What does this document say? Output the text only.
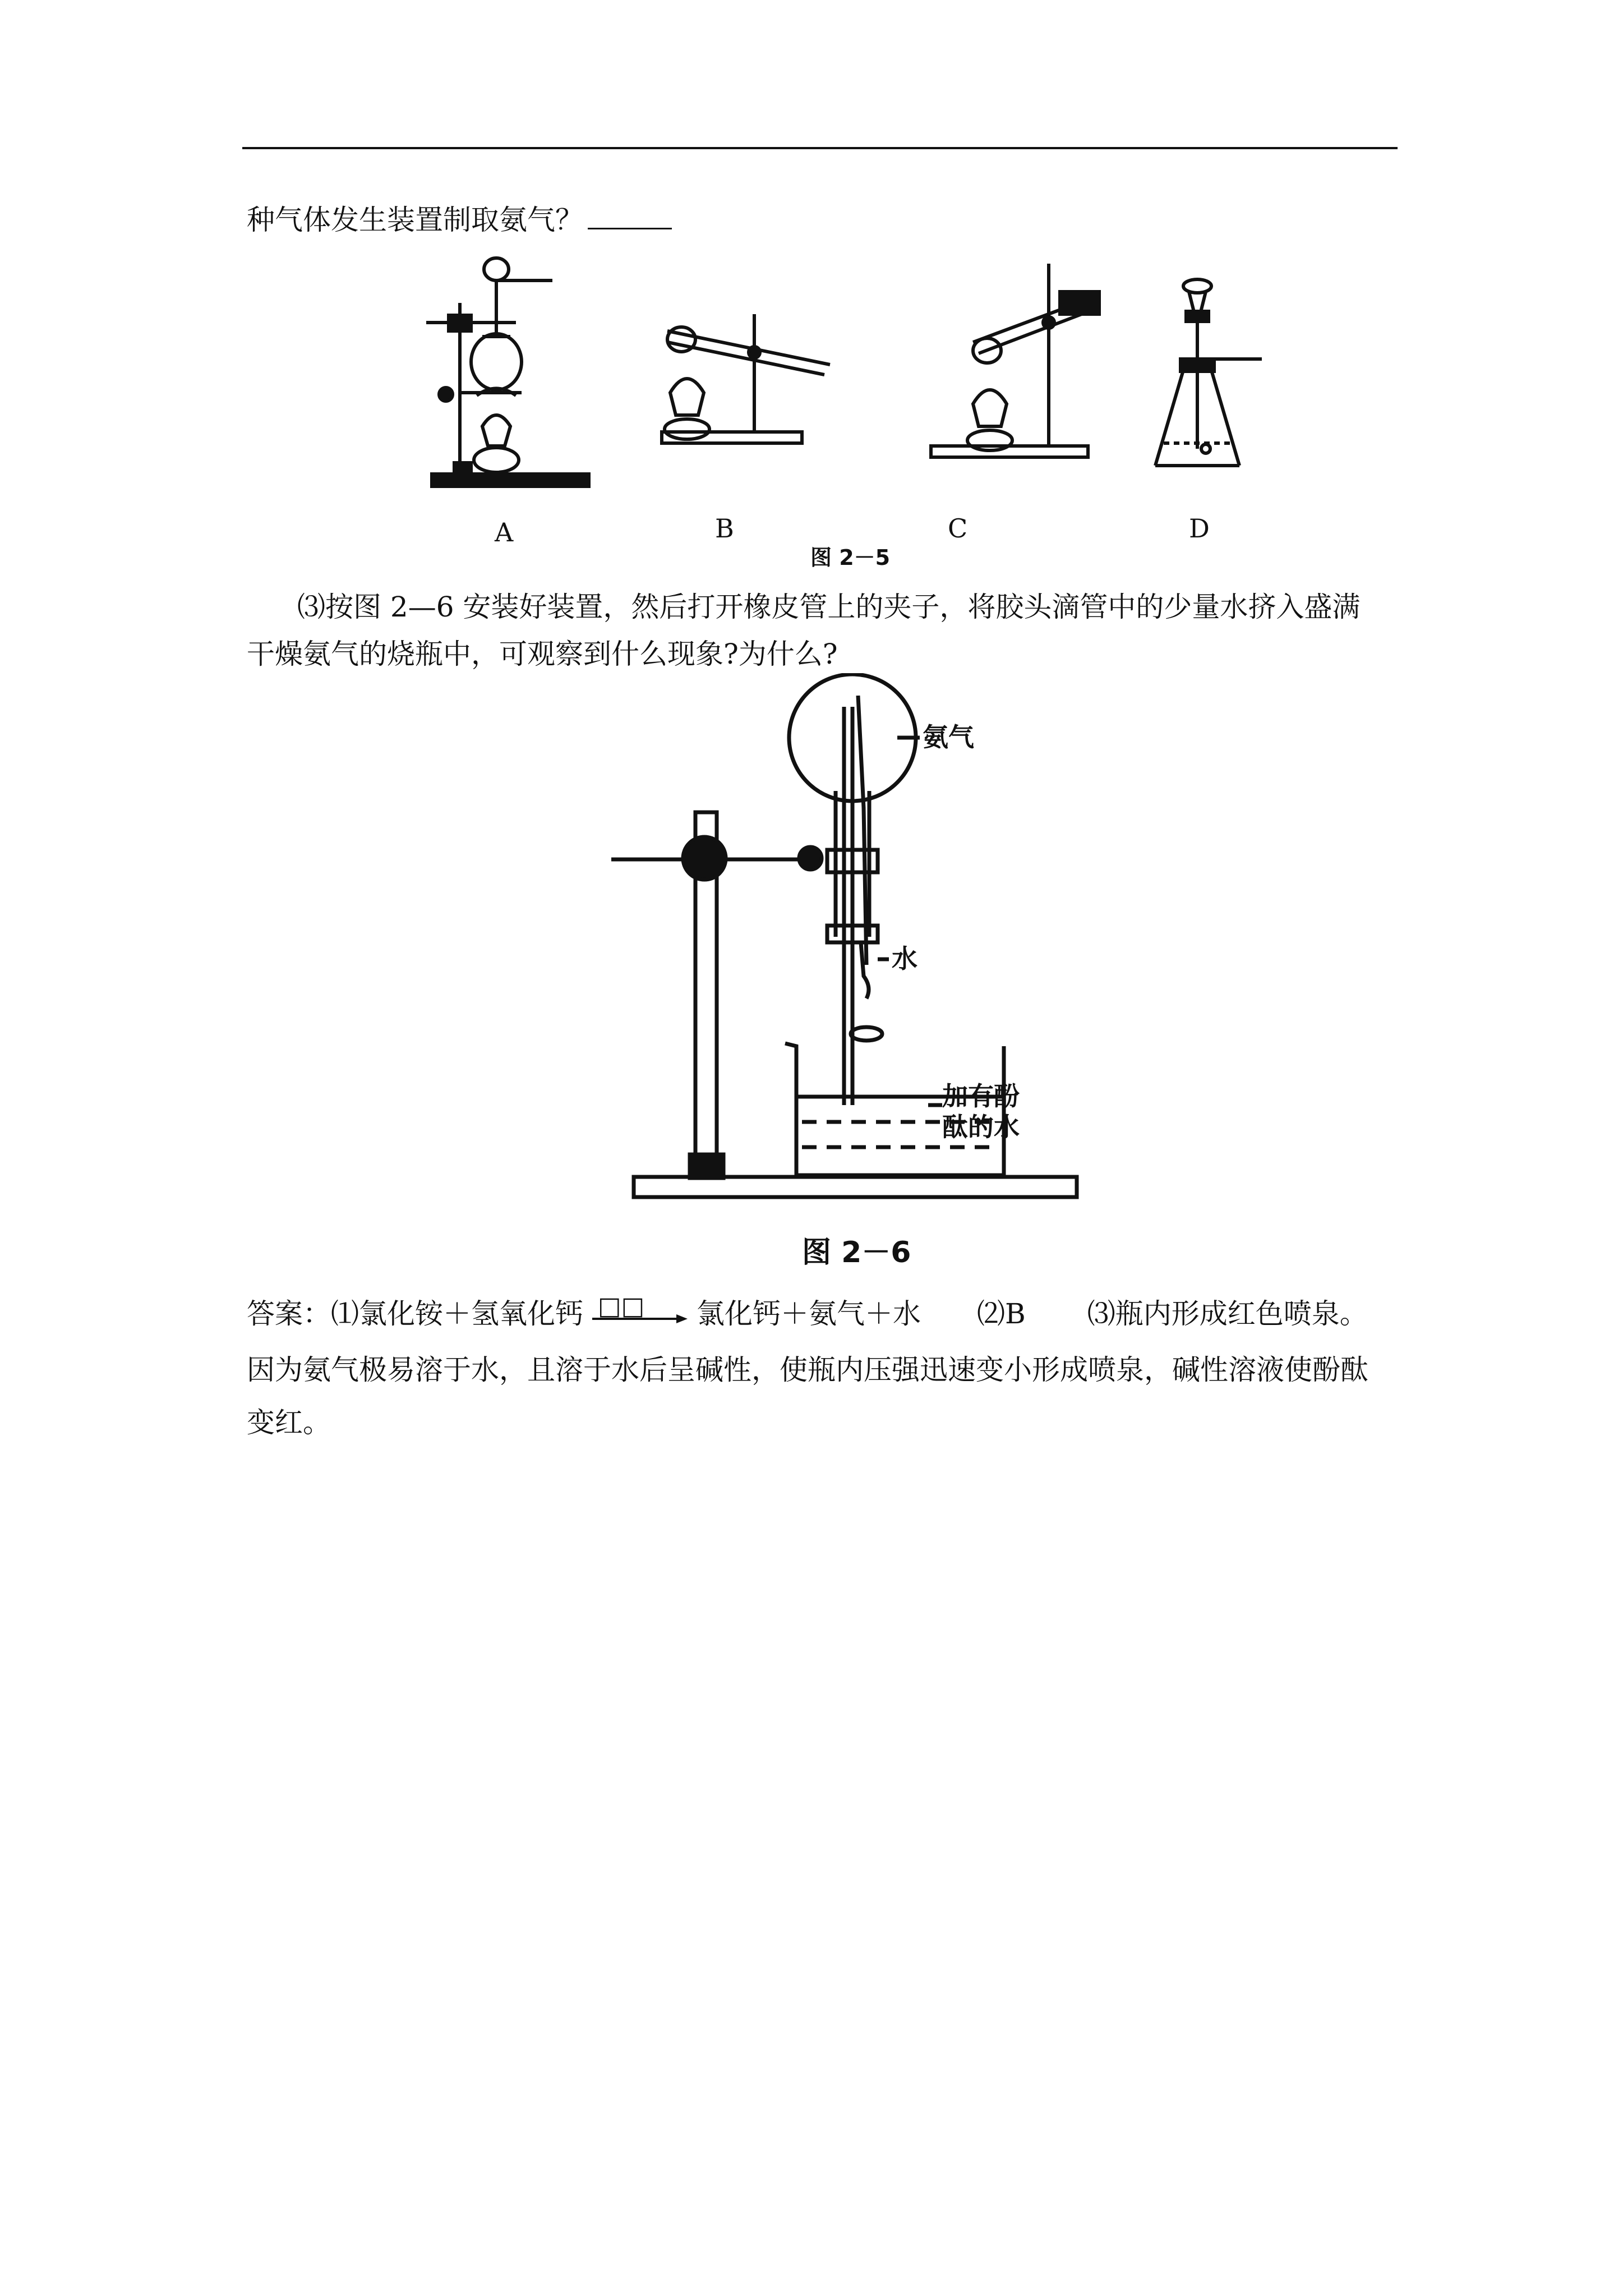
种气体发生装置制取氨气？
A	B	C	D
图 2－5
⑶按图 2—6 安装好装置，然后打开橡皮管上的夹子，将胶头滴管中的少量水挤入盛满
干燥氨气的烧瓶中，可观察到什么现象?为什么?
氨气
水
加有酚
酞的水
图 2－6
答案：⑴氯化铵＋氢氧化钙 □□ 氯化钙＋氨气＋水 ⑵B ⑶瓶内形成红色喷泉。
因为氨气极易溶于水，且溶于水后呈碱性，使瓶内压强迅速变小形成喷泉，碱性溶液使酚酞
变红。
